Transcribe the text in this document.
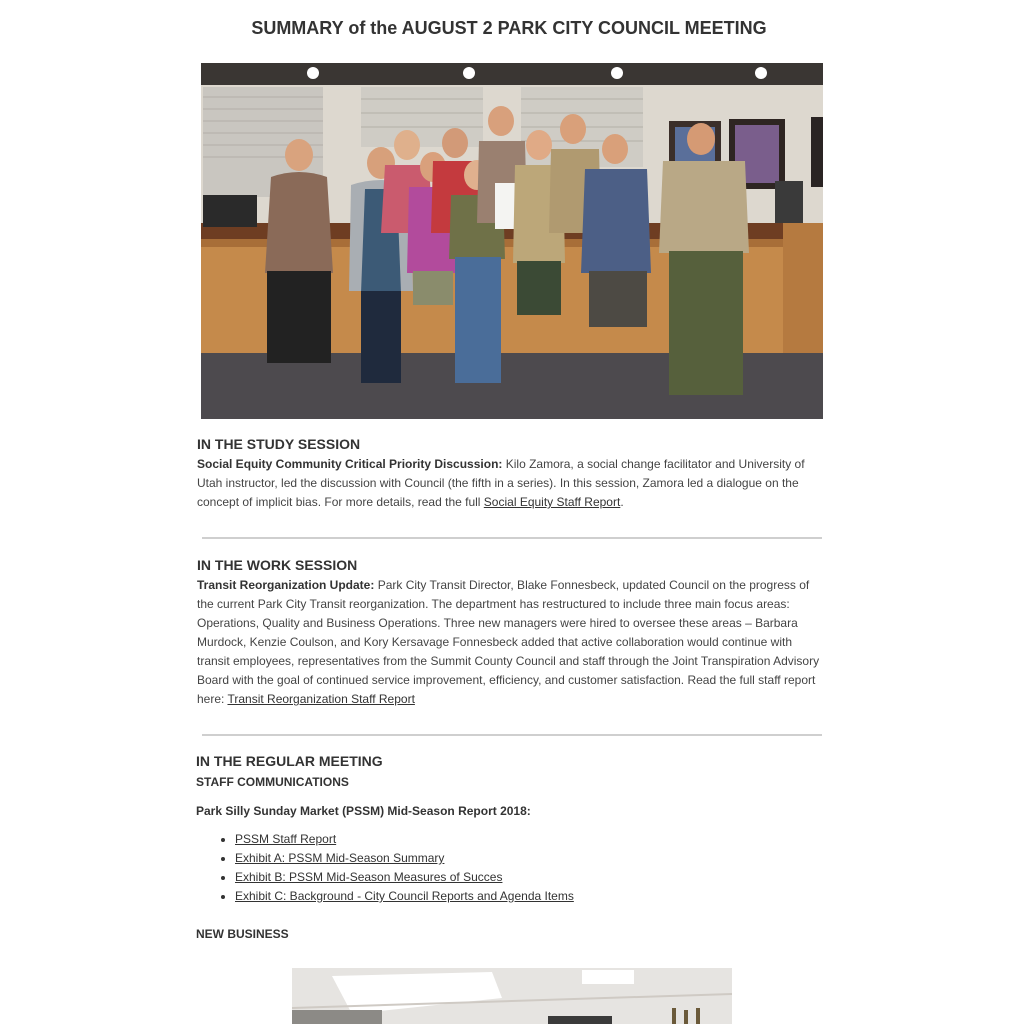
SUMMARY of the AUGUST 2 PARK CITY COUNCIL MEETING
IN THE STUDY SESSION

Social Equity Community Critical Priority Discussion: Kilo Zamora, a social change facilitator and University of Utah instructor, led the discussion with Council (the fifth in a series). In this session, Zamora led a dialogue on the concept of implicit bias. For more details, read the full Social Equity Staff Report.

IN THE WORK SESSION

Transit Reorganization Update: Park City Transit Director, Blake Fonnesbeck, updated Council on the progress of the current Park City Transit reorganization. The department has restructured to include three main focus areas: Operations, Quality and Business Operations. Three new managers were hired to oversee these areas – Barbara Murdock, Kenzie Coulson, and Kory Kersavage Fonnesbeck added that active collaboration would continue with transit employees, representatives from the Summit County Council and staff through the Joint Transpiration Advisory Board with the goal of continued service improvement, efficiency, and customer satisfaction. Read the full staff report here: Transit Reorganization Staff Report

IN THE REGULAR MEETING
STAFF COMMUNICATIONS
Park Silly Sunday Market (PSSM) Mid-Season Report 2018:
• PSSM Staff Report
• Exhibit A: PSSM Mid-Season Summary
• Exhibit B: PSSM Mid-Season Measures of Succes
• Exhibit C: Background - City Council Reports and Agenda Items
NEW BUSINESS
